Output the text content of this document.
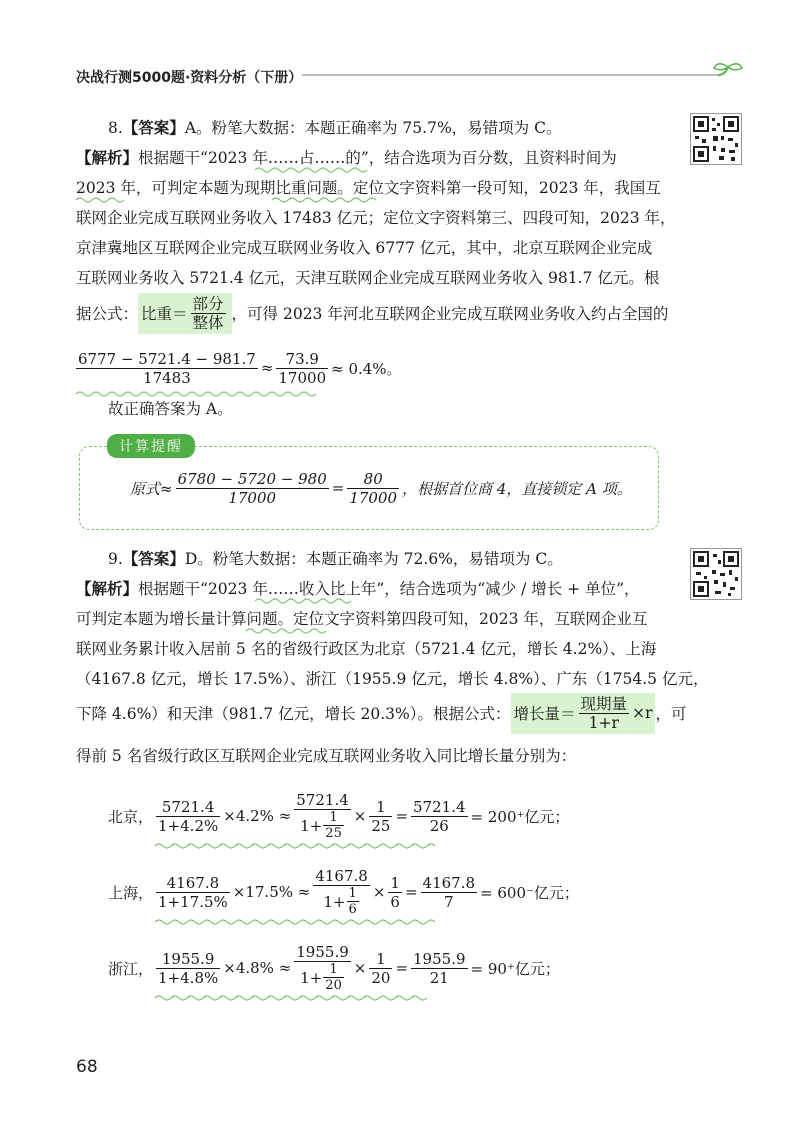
决战行测5000题·资料分析（下册）
8.【答案】A。粉笔大数据：本题正确率为 75.7%，易错项为 C。
【解析】根据题干“2023 年……占……的”，结合选项为百分数，且资料时间为
2023 年，可判定本题为现期比重问题。定位文字资料第一段可知，2023 年，我国互
联网企业完成互联网业务收入 17483 亿元；定位文字资料第三、四段可知，2023 年，
京津冀地区互联网企业完成互联网业务收入 6777 亿元，其中，北京互联网企业完成
互联网业务收入 5721.4 亿元，天津互联网企业完成互联网业务收入 981.7 亿元。根
据公式： 比重＝ $\frac{\text{部分}}{\text{整体}}$ ，可得 2023 年河北互联网企业完成互联网业务收入约占全国的
$\frac{6777 - 5721.4 - 981.7}{17483} \approx \frac{73.9}{17000} \approx 0.4\%$。
故正确答案为 A。
计算提醒
原式≈ $\frac{6780 - 5720 - 980}{17000} = \frac{80}{17000}$ ，根据首位商 4，直接锁定 A 项。
9.【答案】D。粉笔大数据：本题正确率为 72.6%，易错项为 C。
【解析】根据题干“2023 年……收入比上年”，结合选项为“减少 / 增长 + 单位”，
可判定本题为增长量计算问题。定位文字资料第四段可知，2023 年，互联网企业互
联网业务累计收入居前 5 名的省级行政区为北京（5721.4 亿元，增长 4.2%）、上海
（4167.8 亿元，增长 17.5%）、浙江（1955.9 亿元，增长 4.8%）、广东（1754.5 亿元，
下降 4.6%）和天津（981.7 亿元，增长 20.3%）。根据公式： 增长量＝ $\frac{\text{现期量}}{1+r} \times r$ ，可
得前 5 名省级行政区互联网企业完成互联网业务收入同比增长量分别为：
北京， $\frac{5721.4}{1+4.2\%} \times 4.2\% \approx \frac{5721.4}{1+ \frac{1}{25}} \times \frac{1}{25} = \frac{5721.4}{26} = 200^+$亿元；
上海， $\frac{4167.8}{1+17.5\%} \times 17.5\% \approx \frac{4167.8}{1+ \frac{1}{6}} \times \frac{1}{6} = \frac{4167.8}{7} = 600^-$亿元；
浙江， $\frac{1955.9}{1+4.8\%} \times 4.8\% \approx \frac{1955.9}{1+ \frac{1}{20}} \times \frac{1}{20} = \frac{1955.9}{21} = 90^+$亿元；
68
